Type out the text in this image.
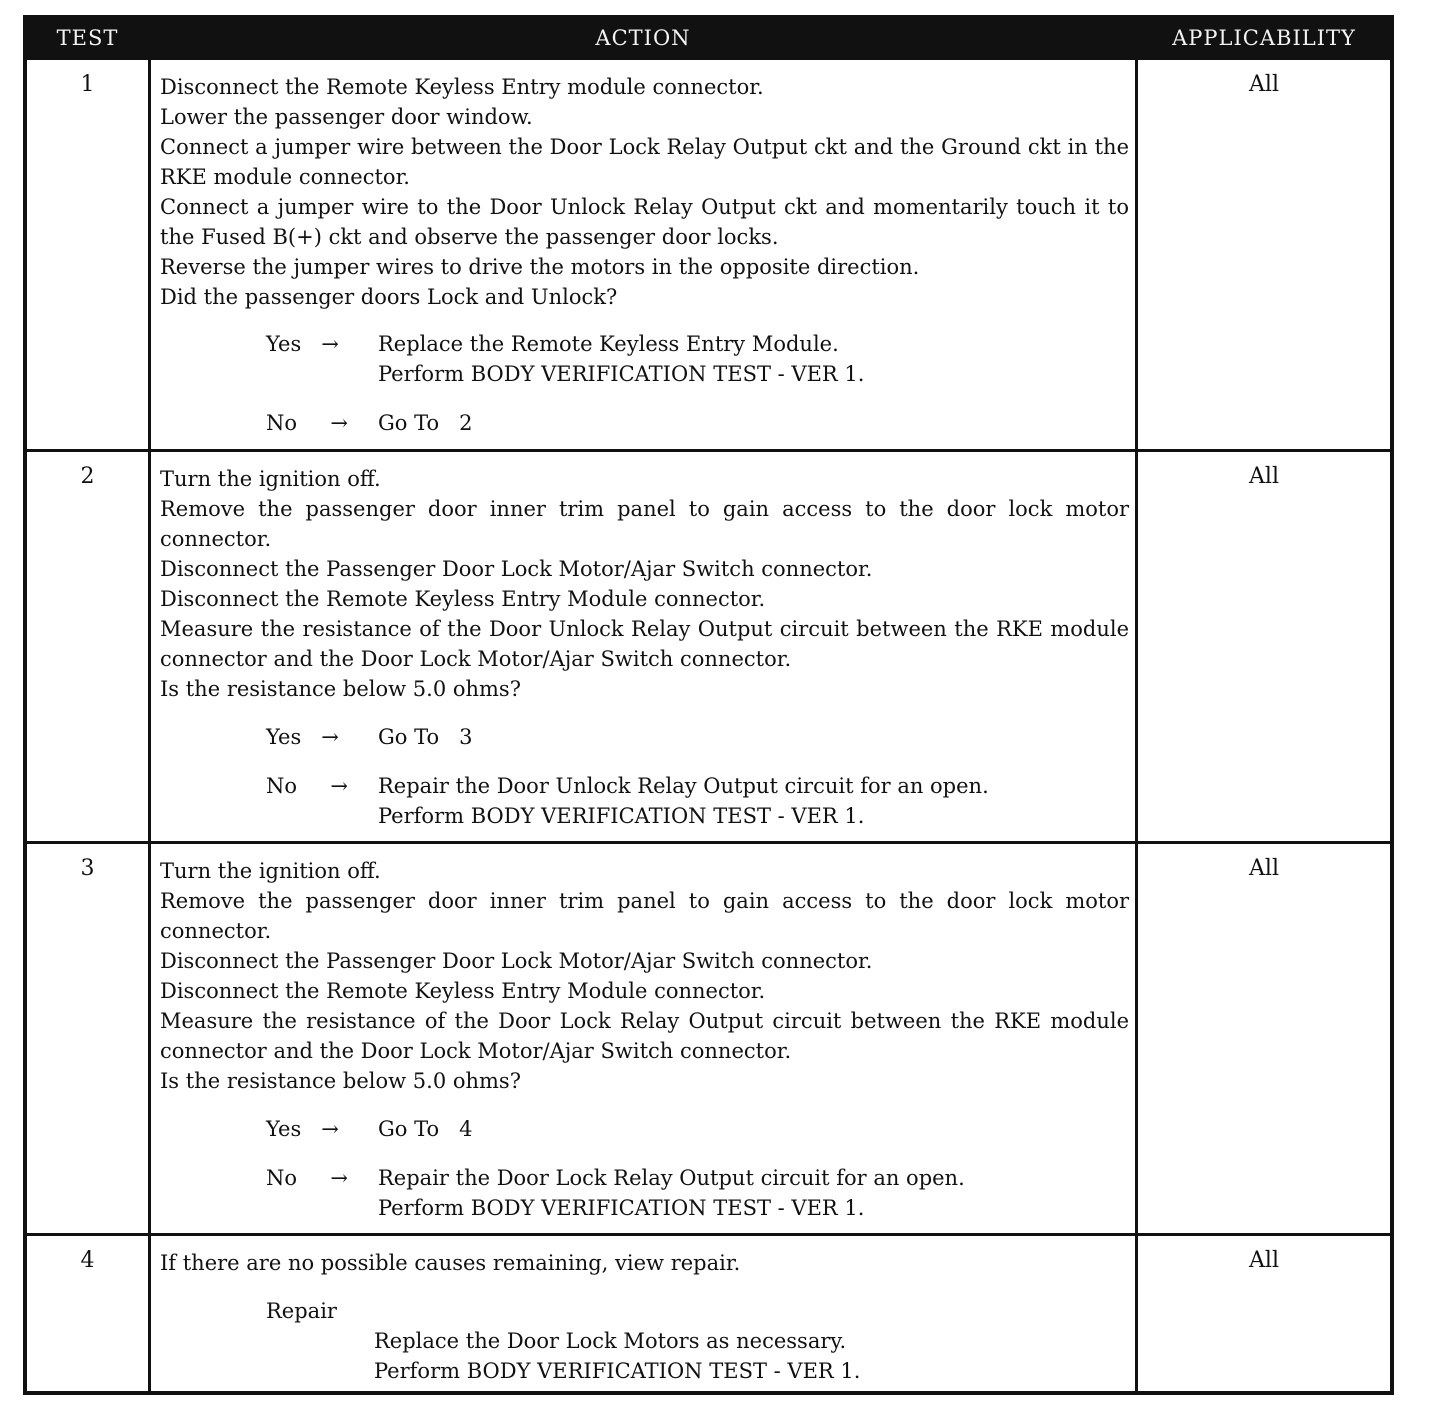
TEST	ACTION	APPLICABILITY
1	Disconnect the Remote Keyless Entry module connector.
Lower the passenger door window.
Connect a jumper wire between the Door Lock Relay Output ckt and the Ground ckt in the RKE module connector.
Connect a jumper wire to the Door Unlock Relay Output ckt and momentarily touch it to the Fused B(+) ckt and observe the passenger door locks.
Reverse the jumper wires to drive the motors in the opposite direction.
Did the passenger doors Lock and Unlock?
Yes →	Replace the Remote Keyless Entry Module.
Perform BODY VERIFICATION TEST - VER 1.
No →	Go To   2
All
2	Turn the ignition off.
Remove the passenger door inner trim panel to gain access to the door lock motor connector.
Disconnect the Passenger Door Lock Motor/Ajar Switch connector.
Disconnect the Remote Keyless Entry Module connector.
Measure the resistance of the Door Unlock Relay Output circuit between the RKE module connector and the Door Lock Motor/Ajar Switch connector.
Is the resistance below 5.0 ohms?
Yes →	Go To   3
No →	Repair the Door Unlock Relay Output circuit for an open.
Perform BODY VERIFICATION TEST - VER 1.
All
3	Turn the ignition off.
Remove the passenger door inner trim panel to gain access to the door lock motor connector.
Disconnect the Passenger Door Lock Motor/Ajar Switch connector.
Disconnect the Remote Keyless Entry Module connector.
Measure the resistance of the Door Lock Relay Output circuit between the RKE module connector and the Door Lock Motor/Ajar Switch connector.
Is the resistance below 5.0 ohms?
Yes →	Go To   4
No →	Repair the Door Lock Relay Output circuit for an open.
Perform BODY VERIFICATION TEST - VER 1.
All
4	If there are no possible causes remaining, view repair.
Repair
Replace the Door Lock Motors as necessary.
Perform BODY VERIFICATION TEST - VER 1.
All
